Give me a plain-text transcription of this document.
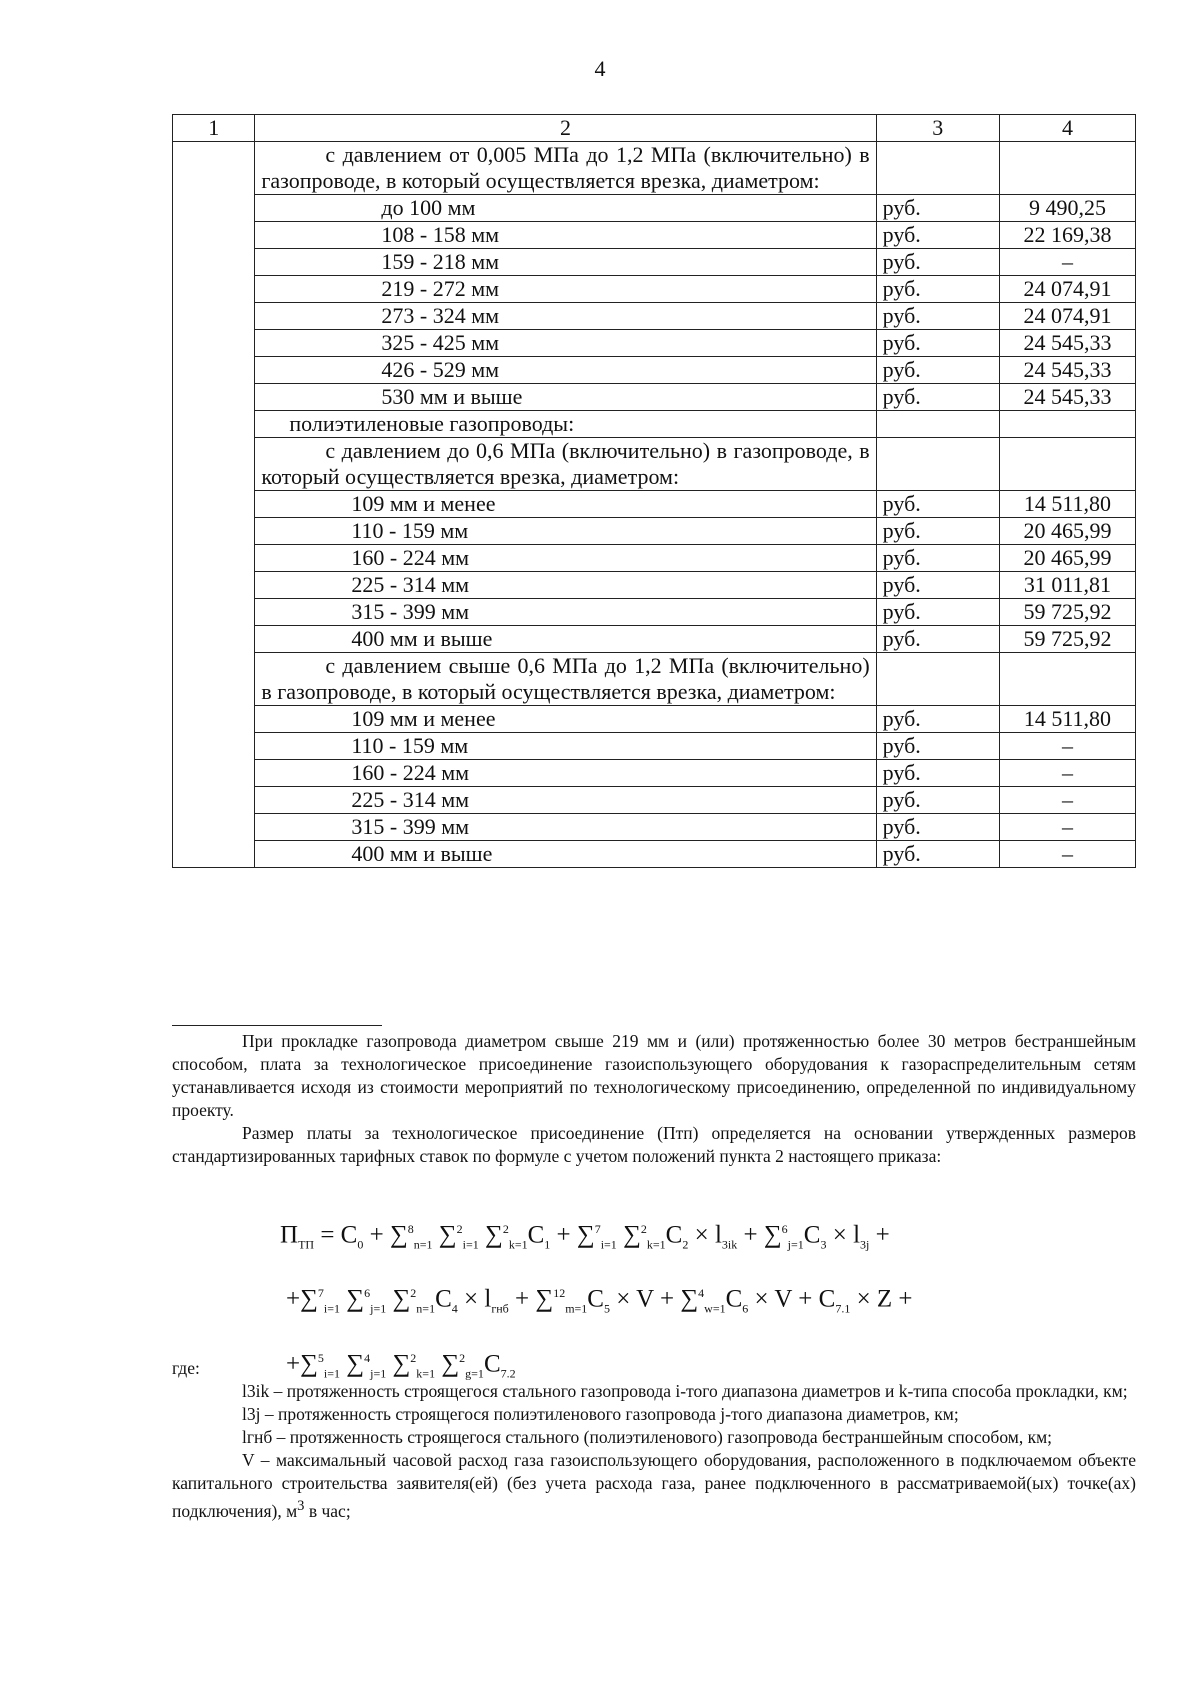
4
1	2	3	4
	с давлением от 0,005 МПа до 1,2 МПа (включительно) в газопроводе, в который осуществляется врезка, диаметром:		
	до 100 мм	руб.	9 490,25
	108 - 158 мм	руб.	22 169,38
	159 - 218 мм	руб.	–
	219 - 272 мм	руб.	24 074,91
	273 - 324 мм	руб.	24 074,91
	325 - 425 мм	руб.	24 545,33
	426 - 529 мм	руб.	24 545,33
	530 мм и выше	руб.	24 545,33
	полиэтиленовые газопроводы:		
	с давлением до 0,6 МПа (включительно) в газопроводе, в который осуществляется врезка, диаметром:		
	109 мм и менее	руб.	14 511,80
	110 - 159 мм	руб.	20 465,99
	160 - 224 мм	руб.	20 465,99
	225 - 314 мм	руб.	31 011,81
	315 - 399 мм	руб.	59 725,92
	400 мм и выше	руб.	59 725,92
	с давлением свыше 0,6 МПа до 1,2 МПа (включительно) в газопроводе, в который осуществляется врезка, диаметром:		
	109 мм и менее	руб.	14 511,80
	110 - 159 мм	руб.	–
	160 - 224 мм	руб.	–
	225 - 314 мм	руб.	–
	315 - 399 мм	руб.	–
	400 мм и выше	руб.	–

При прокладке газопровода диаметром свыше 219 мм и (или) протяженностью более 30 метров бестраншейным способом, плата за технологическое присоединение газоиспользующего оборудования к газораспределительным сетям устанавливается исходя из стоимости мероприятий по технологическому присоединению, определенной по индивидуальному проекту.

Размер платы за технологическое присоединение (Птп) определяется на основании утвержденных размеров стандартизированных тарифных ставок по формуле с учетом положений пункта 2 настоящего приказа:

$П_{ТП} = C_0 + \sum^8_{n=1}$ ∑$^2_{i=1}$ $\sum^2_{k=1}C_1 + \sum^7_{i=1}$ $\sum^2_{k=1}C_2 \times l_{3ik} + \sum^6_{j=1}C_3 \times l_{3j}$ +
+∑$^7_{i=1}$ ∑$^6_{j=1}$ $\sum^2_{n=1}C_4 \times l_{гнб} + \sum^{12}_{m=1}C_5 \times V + \sum^4_{w=1}C_6 \times V + C_{7.1} \times Z$ +
+∑$^5_{i=1}$ ∑$^4_{j=1}$ ∑$^2_{k=1}$ $\sum^2_{g=1}C_{7.2}$

где:

l3ik – протяженность строящегося стального газопровода i-того диапазона диаметров и k-типа способа прокладки, км;

l3j – протяженность строящегося полиэтиленового газопровода j-того диапазона диаметров, км;

lгнб – протяженность строящегося стального (полиэтиленового) газопровода бестраншейным способом, км;

V – максимальный часовой расход газа газоиспользующего оборудования, расположенного в подключаемом объекте капитального строительства заявителя(ей) (без учета расхода газа, ранее подключенного в рассматриваемой(ых) точке(ах) подключения), $м^3$ в час;
